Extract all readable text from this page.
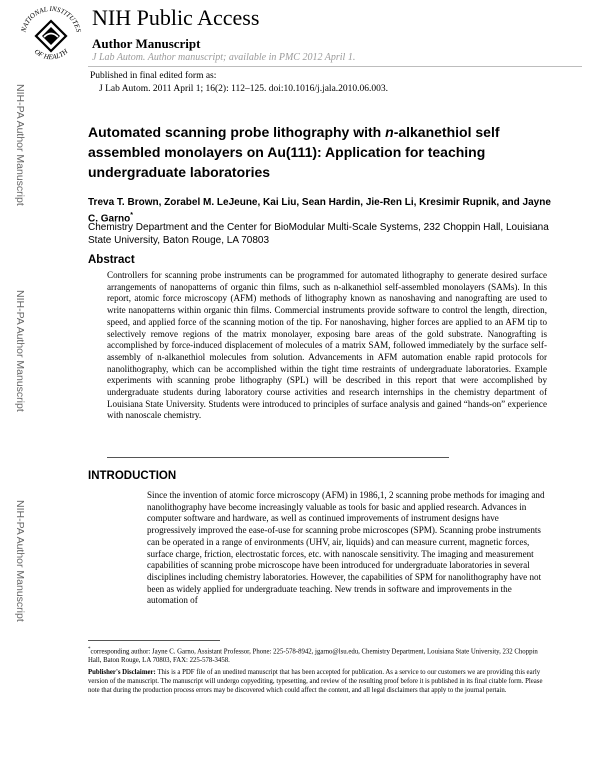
NATIONAL INSTITUTES
OF HEALTH
NIH Public Access
Author Manuscript
J Lab Autom. Author manuscript; available in PMC 2012 April 1.
Published in final edited form as:
J Lab Autom. 2011 April 1; 16(2): 112–125. doi:10.1016/j.jala.2010.06.003.
NIH-PA Author Manuscript
NIH-PA Author Manuscript
NIH-PA Author Manuscript
Automated scanning probe lithography with n-alkanethiol self assembled monolayers on Au(111): Application for teaching undergraduate laboratories
Treva T. Brown, Zorabel M. LeJeune, Kai Liu, Sean Hardin, Jie-Ren Li, Kresimir Rupnik, and Jayne C. Garno*
Chemistry Department and the Center for BioModular Multi-Scale Systems, 232 Choppin Hall, Louisiana State University, Baton Rouge, LA 70803
Abstract
Controllers for scanning probe instruments can be programmed for automated lithography to generate desired surface arrangements of nanopatterns of organic thin films, such as n-alkanethiol self-assembled monolayers (SAMs). In this report, atomic force microscopy (AFM) methods of lithography known as nanoshaving and nanografting are used to write nanopatterns within organic thin films. Commercial instruments provide software to control the length, direction, speed, and applied force of the scanning motion of the tip. For nanoshaving, higher forces are applied to an AFM tip to selectively remove regions of the matrix monolayer, exposing bare areas of the gold substrate. Nanografting is accomplished by force-induced displacement of molecules of a matrix SAM, followed immediately by the surface self-assembly of n-alkanethiol molecules from solution. Advancements in AFM automation enable rapid protocols for nanolithography, which can be accomplished within the tight time restraints of undergraduate laboratories. Example experiments with scanning probe lithography (SPL) will be described in this report that were accomplished by undergraduate students during laboratory course activities and research internships in the chemistry department of Louisiana State University. Students were introduced to principles of surface analysis and gained “hands-on” experience with nanoscale chemistry.
INTRODUCTION
Since the invention of atomic force microscopy (AFM) in 1986,1, 2 scanning probe methods for imaging and nanolithography have become increasingly valuable as tools for basic and applied research. Advances in computer software and hardware, as well as continued improvements of instrument designs have progressively improved the ease-of-use for scanning probe microscopes (SPM). Scanning probe instruments can be operated in a range of environments (UHV, air, liquids) and can measure current, magnetic forces, surface charge, friction, electrostatic forces, etc. with nanoscale sensitivity. The imaging and measurement capabilities of scanning probe microscope have been introduced for undergraduate laboratories in several disciplines including chemistry laboratories. However, the capabilities of SPM for nanolithography have not been as widely applied for undergraduate teaching. New trends in software and improvements in the automation of
*corresponding author: Jayne C. Garno, Assistant Professor, Phone: 225-578-8942, jgarno@lsu.edu, Chemistry Department, Louisiana State University, 232 Choppin Hall, Baton Rouge, LA 70803, FAX: 225-578-3458.
Publisher's Disclaimer: This is a PDF file of an unedited manuscript that has been accepted for publication. As a service to our customers we are providing this early version of the manuscript. The manuscript will undergo copyediting, typesetting, and review of the resulting proof before it is published in its final citable form. Please note that during the production process errors may be discovered which could affect the content, and all legal disclaimers that apply to the journal pertain.
